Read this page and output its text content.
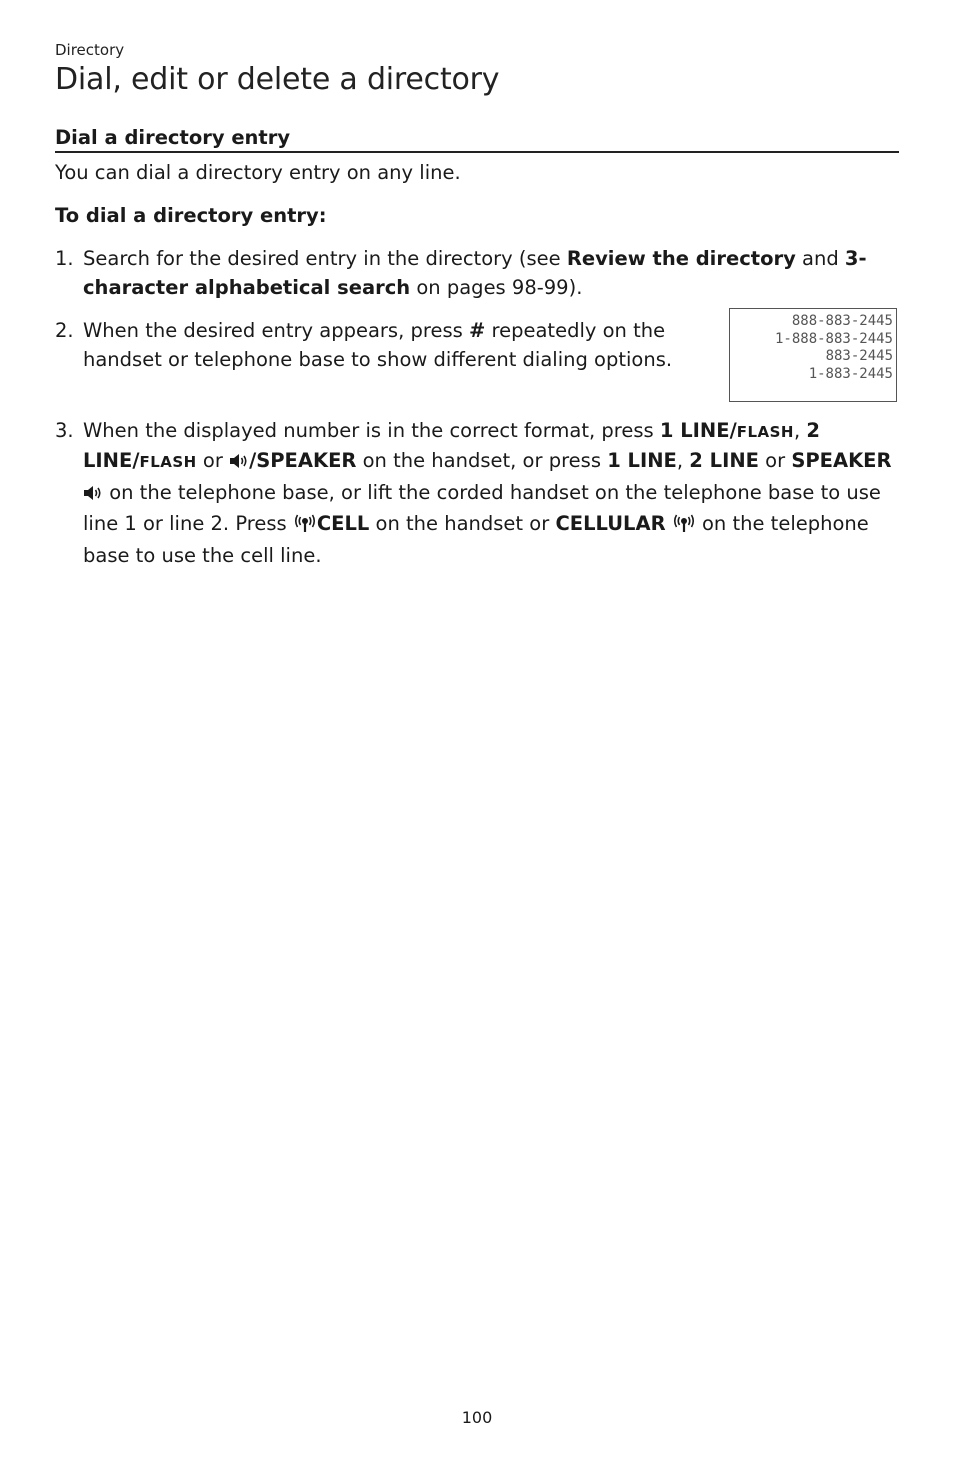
Directory
Dial, edit or delete a directory
Dial a directory entry
You can dial a directory entry on any line.
To dial a directory entry:
1. Search for the desired entry in the directory (see Review the directory and 3-character alphabetical search on pages 98-99).
2. When the desired entry appears, press # repeatedly on the handset or telephone base to show different dialing options.
888-883-2445
1-888-883-2445
883-2445
1-883-2445
3. When the displayed number is in the correct format, press 1 LINE/FLASH, 2 LINE/FLASH or /SPEAKER on the handset, or press 1 LINE, 2 LINE or SPEAKER  on the telephone base, or lift the corded handset on the telephone base to use line 1 or line 2. Press CELL on the handset or CELLULAR  on the telephone base to use the cell line.
100
